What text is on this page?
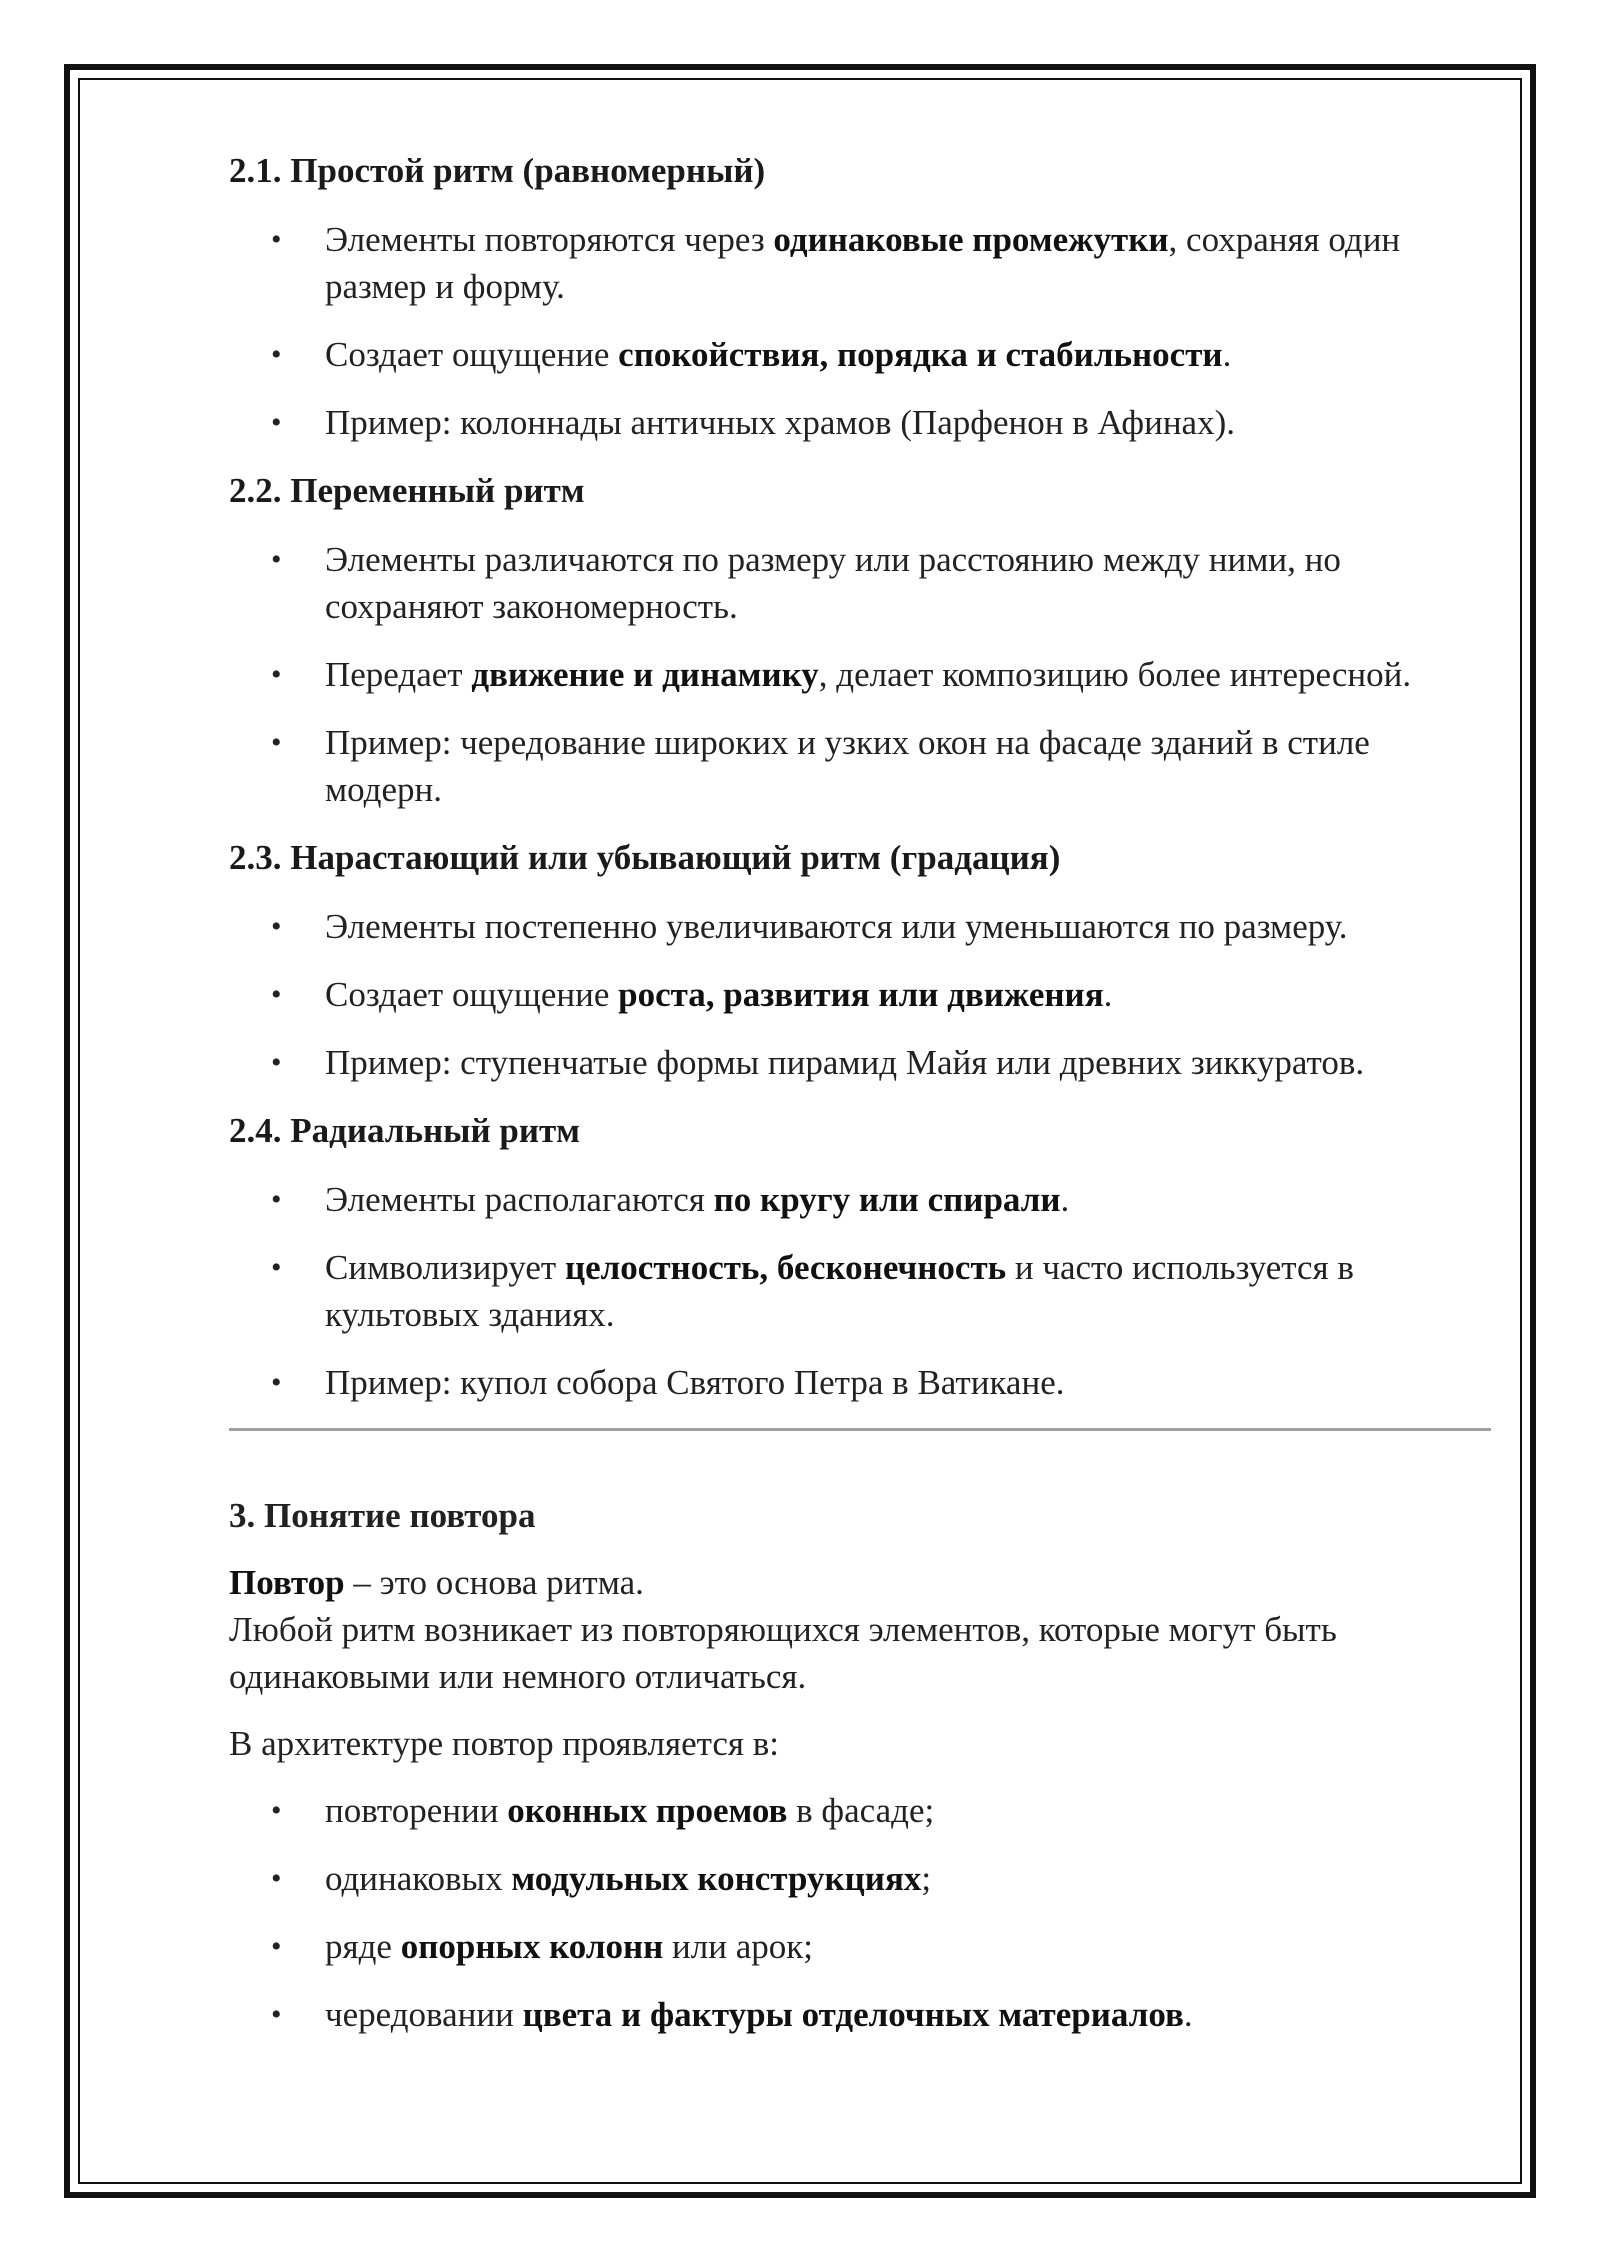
2.1. Простой ритм (равномерный)
• Элементы повторяются через одинаковые промежутки, сохраняя один размер и форму.
• Создает ощущение спокойствия, порядка и стабильности.
• Пример: колоннады античных храмов (Парфенон в Афинах).
2.2. Переменный ритм
• Элементы различаются по размеру или расстоянию между ними, но сохраняют закономерность.
• Передает движение и динамику, делает композицию более интересной.
• Пример: чередование широких и узких окон на фасаде зданий в стиле модерн.
2.3. Нарастающий или убывающий ритм (градация)
• Элементы постепенно увеличиваются или уменьшаются по размеру.
• Создает ощущение роста, развития или движения.
• Пример: ступенчатые формы пирамид Майя или древних зиккуратов.
2.4. Радиальный ритм
• Элементы располагаются по кругу или спирали.
• Символизирует целостность, бесконечность и часто используется в культовых зданиях.
• Пример: купол собора Святого Петра в Ватикане.
3. Понятие повтора
Повтор – это основа ритма.
Любой ритм возникает из повторяющихся элементов, которые могут быть одинаковыми или немного отличаться.
В архитектуре повтор проявляется в:
• повторении оконных проемов в фасаде;
• одинаковых модульных конструкциях;
• ряде опорных колонн или арок;
• чередовании цвета и фактуры отделочных материалов.
